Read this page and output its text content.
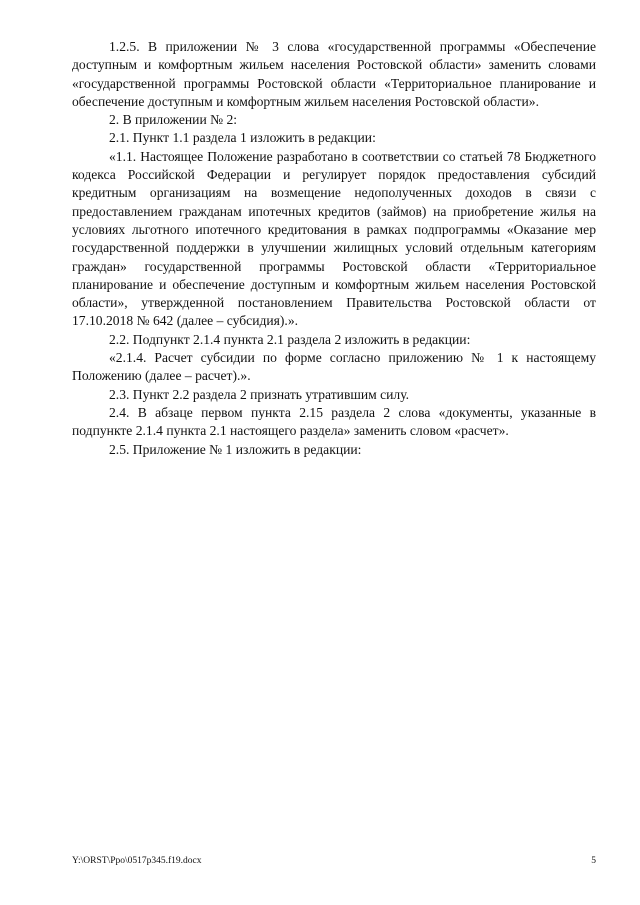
1.2.5. В приложении № 3 слова «государственной программы «Обеспечение доступным и комфортным жильем населения Ростовской области» заменить словами «государственной программы Ростовской области «Территориальное планирование и обеспечение доступным и комфортным жильем населения Ростовской области».

2. В приложении № 2:

2.1. Пункт 1.1 раздела 1 изложить в редакции:

«1.1. Настоящее Положение разработано в соответствии со статьей 78 Бюджетного кодекса Российской Федерации и регулирует порядок предоставления субсидий кредитным организациям на возмещение недополученных доходов в связи с предоставлением гражданам ипотечных кредитов (займов) на приобретение жилья на условиях льготного ипотечного кредитования в рамках подпрограммы «Оказание мер государственной поддержки в улучшении жилищных условий отдельным категориям граждан» государственной программы Ростовской области «Территориальное планирование и обеспечение доступным и комфортным жильем населения Ростовской области», утвержденной постановлением Правительства Ростовской области от 17.10.2018 № 642 (далее – субсидия).».

2.2. Подпункт 2.1.4 пункта 2.1 раздела 2 изложить в редакции:

«2.1.4. Расчет субсидии по форме согласно приложению № 1 к настоящему Положению (далее – расчет).».

2.3. Пункт 2.2 раздела 2 признать утратившим силу.

2.4. В абзаце первом пункта 2.15 раздела 2 слова «документы, указанные в подпункте 2.1.4 пункта 2.1 настоящего раздела» заменить словом «расчет».

2.5. Приложение № 1 изложить в редакции:

Y:\ORST\Ppo\0517p345.f19.docx	5
